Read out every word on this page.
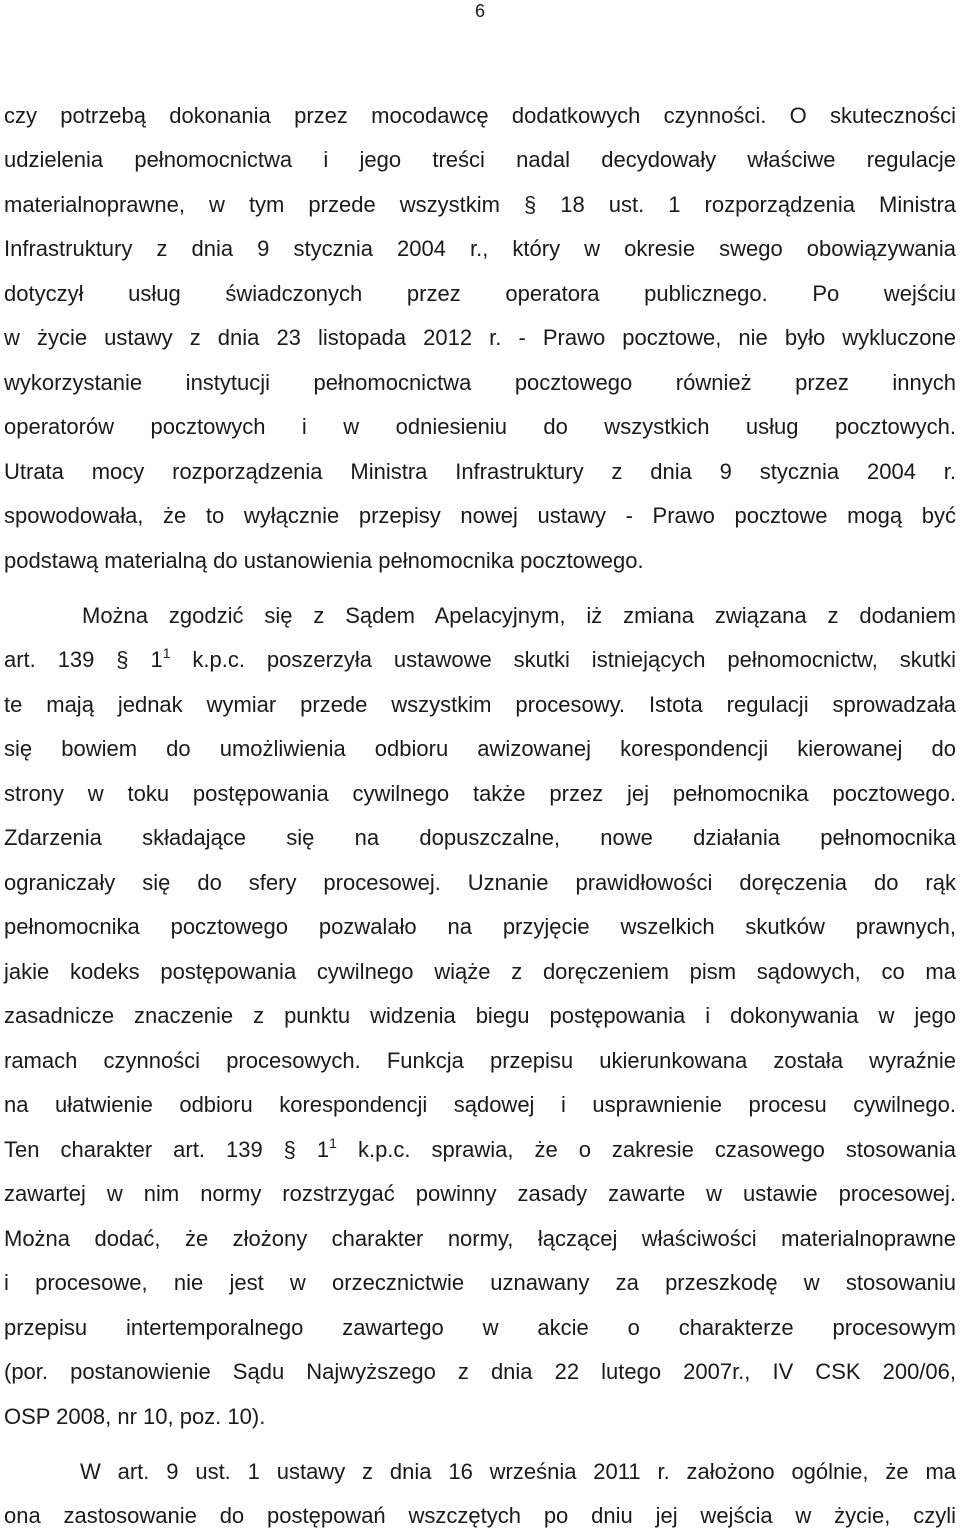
6
czy potrzebą dokonania przez mocodawcę dodatkowych czynności. O skuteczności
udzielenia pełnomocnictwa i jego treści nadal decydowały właściwe regulacje
materialnoprawne, w tym przede wszystkim § 18 ust. 1 rozporządzenia Ministra
Infrastruktury z dnia 9 stycznia 2004 r., który w okresie swego obowiązywania
dotyczył usług świadczonych przez operatora publicznego. Po wejściu
w życie ustawy z dnia 23 listopada 2012 r. - Prawo pocztowe, nie było wykluczone
wykorzystanie instytucji pełnomocnictwa pocztowego również przez innych
operatorów pocztowych i w odniesieniu do wszystkich usług pocztowych.
Utrata mocy rozporządzenia Ministra Infrastruktury z dnia 9 stycznia 2004 r.
spowodowała, że to wyłącznie przepisy nowej ustawy - Prawo pocztowe mogą być
podstawą materialną do ustanowienia pełnomocnika pocztowego.
Można zgodzić się z Sądem Apelacyjnym, iż zmiana związana z dodaniem
art. 139 § $1^1$ k.p.c. poszerzyła ustawowe skutki istniejących pełnomocnictw, skutki
te mają jednak wymiar przede wszystkim procesowy. Istota regulacji sprowadzała
się bowiem do umożliwienia odbioru awizowanej korespondencji kierowanej do
strony w toku postępowania cywilnego także przez jej pełnomocnika pocztowego.
Zdarzenia składające się na dopuszczalne, nowe działania pełnomocnika
ograniczały się do sfery procesowej. Uznanie prawidłowości doręczenia do rąk
pełnomocnika pocztowego pozwalało na przyjęcie wszelkich skutków prawnych,
jakie kodeks postępowania cywilnego wiąże z doręczeniem pism sądowych, co ma
zasadnicze znaczenie z punktu widzenia biegu postępowania i dokonywania w jego
ramach czynności procesowych. Funkcja przepisu ukierunkowana została wyraźnie
na ułatwienie odbioru korespondencji sądowej i usprawnienie procesu cywilnego.
Ten charakter art. 139 § $1^1$ k.p.c. sprawia, że o zakresie czasowego stosowania
zawartej w nim normy rozstrzygać powinny zasady zawarte w ustawie procesowej.
Można dodać, że złożony charakter normy, łączącej właściwości materialnoprawne
i procesowe, nie jest w orzecznictwie uznawany za przeszkodę w stosowaniu
przepisu intertemporalnego zawartego w akcie o charakterze procesowym
(por. postanowienie Sądu Najwyższego z dnia 22 lutego 2007r., IV CSK 200/06,
OSP 2008, nr 10, poz. 10).
W art. 9 ust. 1 ustawy z dnia 16 września 2011 r. założono ogólnie, że ma
ona zastosowanie do postępowań wszczętych po dniu jej wejścia w życie, czyli
